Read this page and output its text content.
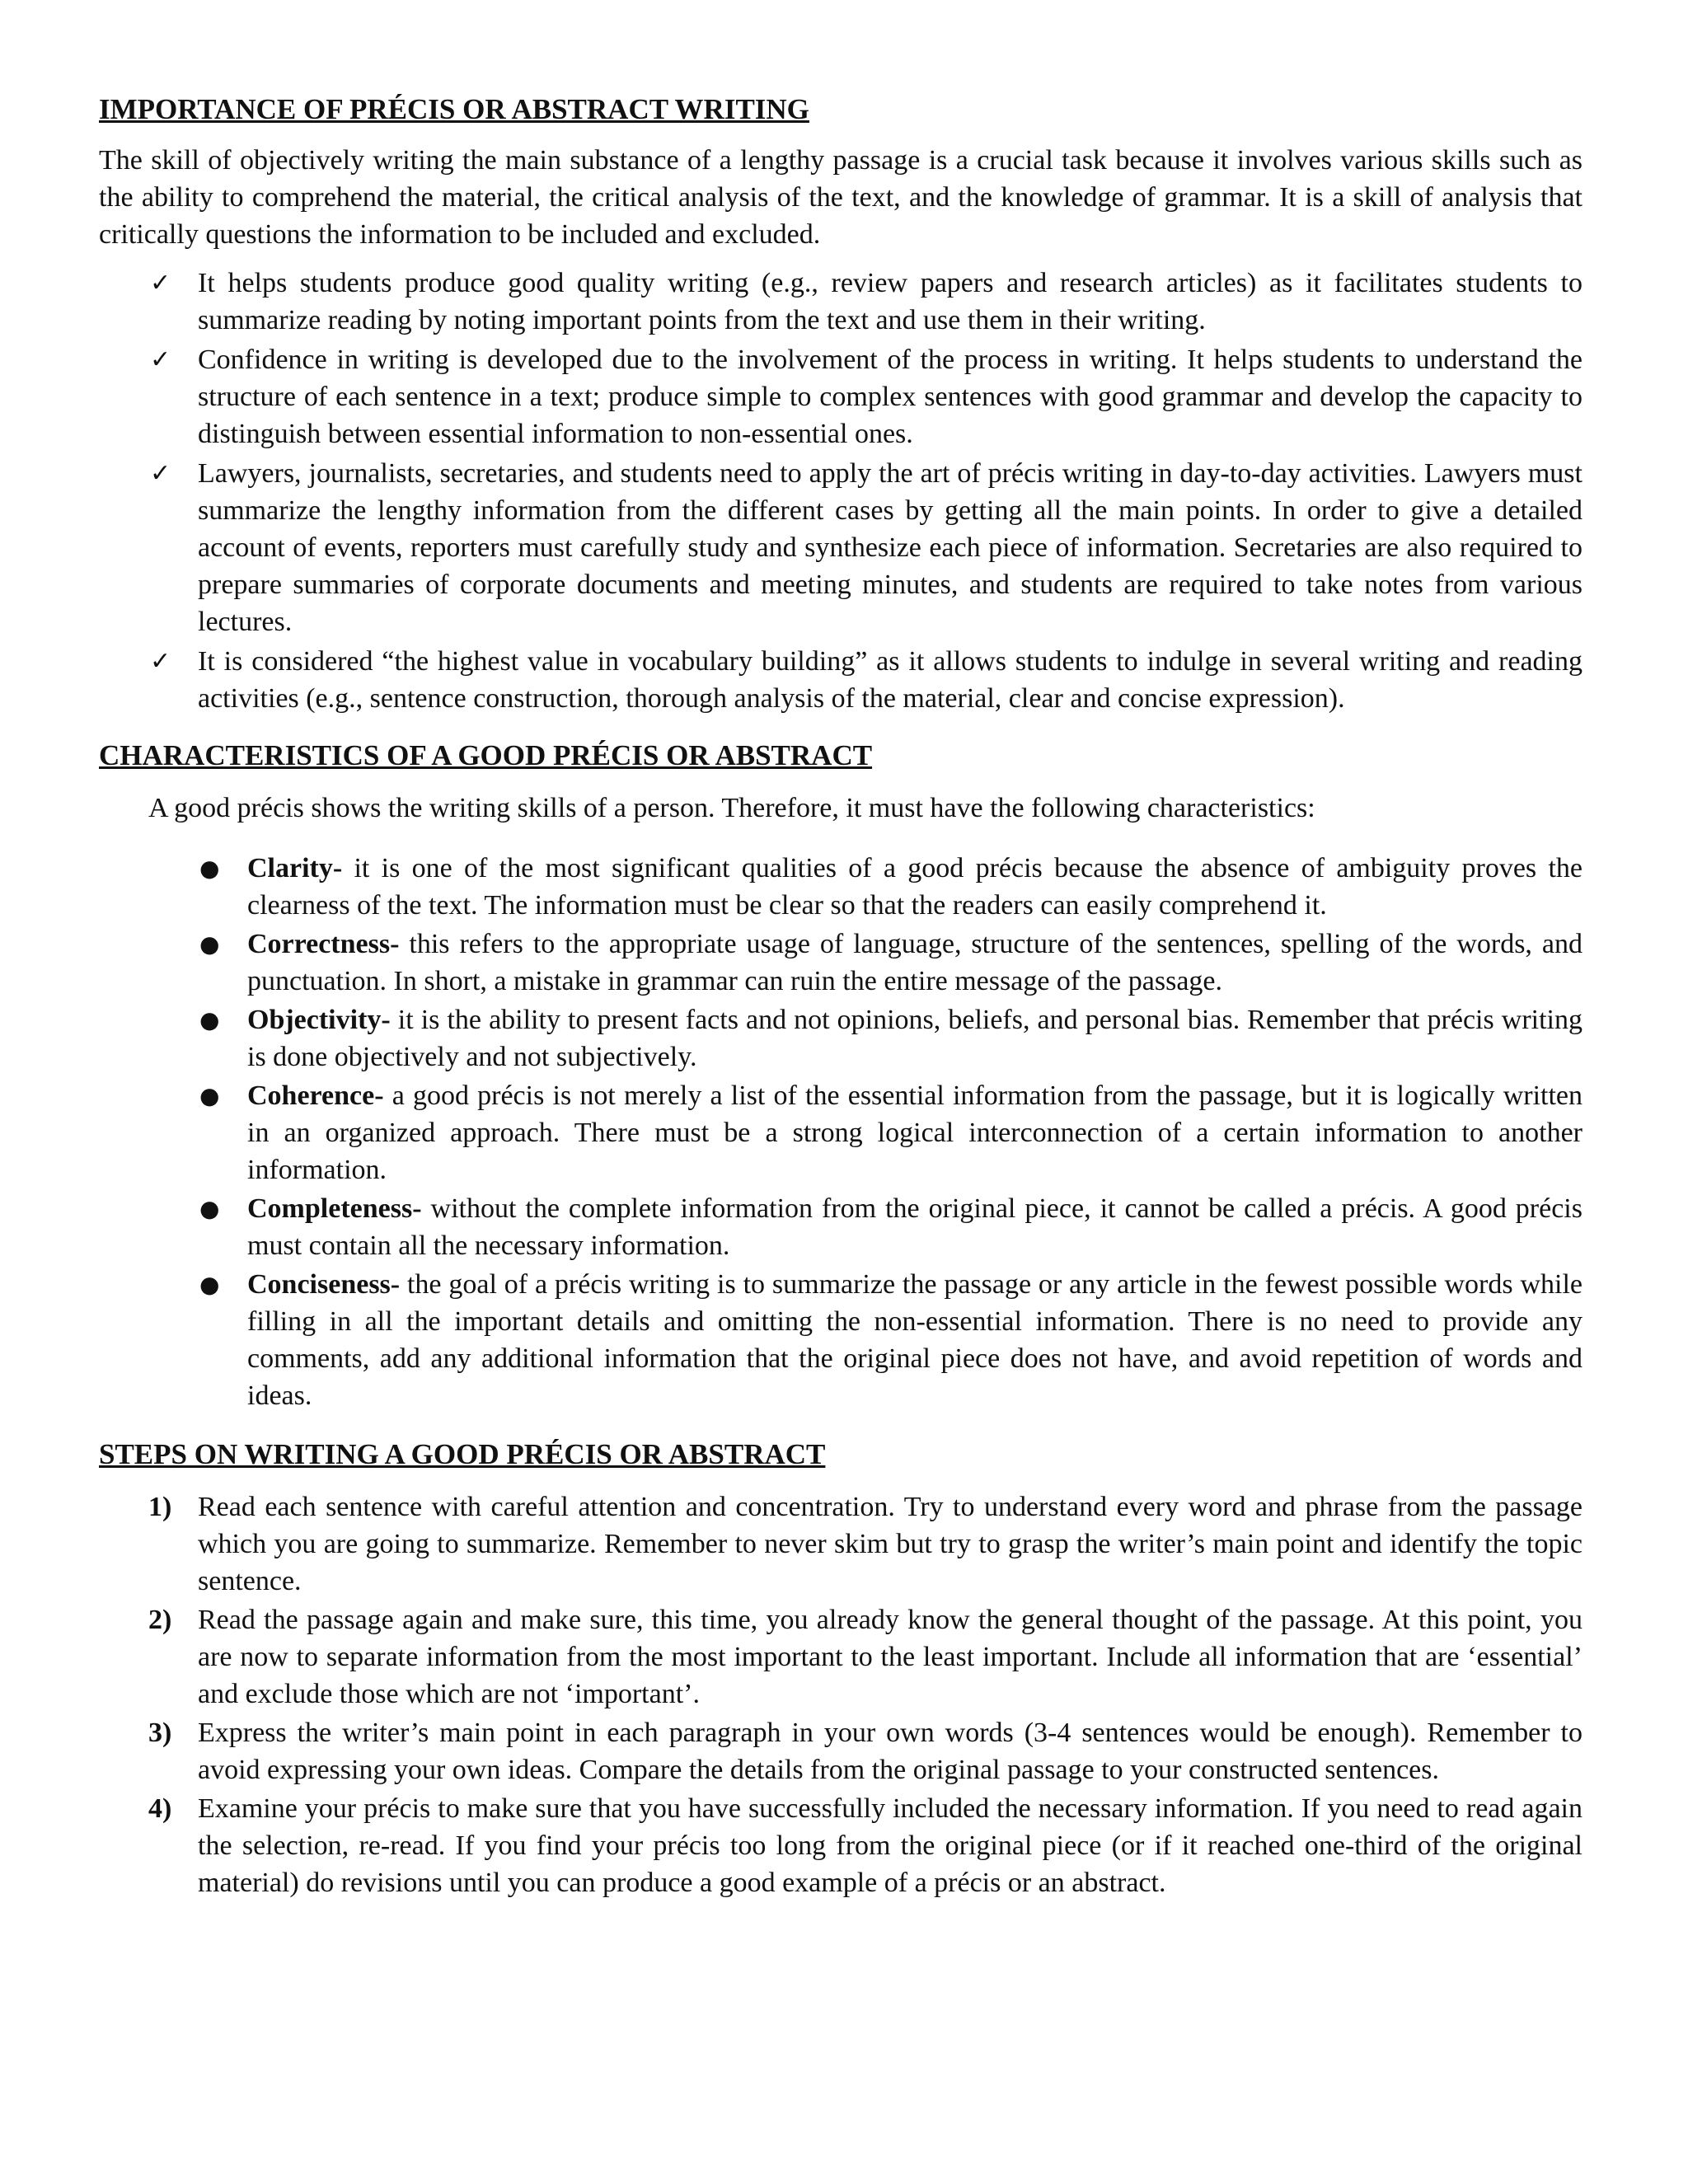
IMPORTANCE OF PRÉCIS OR ABSTRACT WRITING

The skill of objectively writing the main substance of a lengthy passage is a crucial task because it involves various skills such as the ability to comprehend the material, the critical analysis of the text, and the knowledge of grammar. It is a skill of analysis that critically questions the information to be included and excluded.

✓ It helps students produce good quality writing (e.g., review papers and research articles) as it facilitates students to summarize reading by noting important points from the text and use them in their writing.
✓ Confidence in writing is developed due to the involvement of the process in writing. It helps students to understand the structure of each sentence in a text; produce simple to complex sentences with good grammar and develop the capacity to distinguish between essential information to non-essential ones.
✓ Lawyers, journalists, secretaries, and students need to apply the art of précis writing in day-to-day activities. Lawyers must summarize the lengthy information from the different cases by getting all the main points. In order to give a detailed account of events, reporters must carefully study and synthesize each piece of information. Secretaries are also required to prepare summaries of corporate documents and meeting minutes, and students are required to take notes from various lectures.
✓ It is considered “the highest value in vocabulary building” as it allows students to indulge in several writing and reading activities (e.g., sentence construction, thorough analysis of the material, clear and concise expression).
CHARACTERISTICS OF A GOOD PRÉCIS OR ABSTRACT

A good précis shows the writing skills of a person. Therefore, it must have the following characteristics:

● Clarity- it is one of the most significant qualities of a good précis because the absence of ambiguity proves the clearness of the text. The information must be clear so that the readers can easily comprehend it.
● Correctness- this refers to the appropriate usage of language, structure of the sentences, spelling of the words, and punctuation. In short, a mistake in grammar can ruin the entire message of the passage.
● Objectivity- it is the ability to present facts and not opinions, beliefs, and personal bias. Remember that précis writing is done objectively and not subjectively.
● Coherence- a good précis is not merely a list of the essential information from the passage, but it is logically written in an organized approach. There must be a strong logical interconnection of a certain information to another information.
● Completeness- without the complete information from the original piece, it cannot be called a précis. A good précis must contain all the necessary information.
● Conciseness- the goal of a précis writing is to summarize the passage or any article in the fewest possible words while filling in all the important details and omitting the non-essential information. There is no need to provide any comments, add any additional information that the original piece does not have, and avoid repetition of words and ideas.
STEPS ON WRITING A GOOD PRÉCIS OR ABSTRACT
1) Read each sentence with careful attention and concentration. Try to understand every word and phrase from the passage which you are going to summarize. Remember to never skim but try to grasp the writer’s main point and identify the topic sentence.
2) Read the passage again and make sure, this time, you already know the general thought of the passage. At this point, you are now to separate information from the most important to the least important. Include all information that are ‘essential’ and exclude those which are not ‘important’.
3) Express the writer’s main point in each paragraph in your own words (3-4 sentences would be enough). Remember to avoid expressing your own ideas. Compare the details from the original passage to your constructed sentences.
4) Examine your précis to make sure that you have successfully included the necessary information. If you need to read again the selection, re-read. If you find your précis too long from the original piece (or if it reached one-third of the original material) do revisions until you can produce a good example of a précis or an abstract.
